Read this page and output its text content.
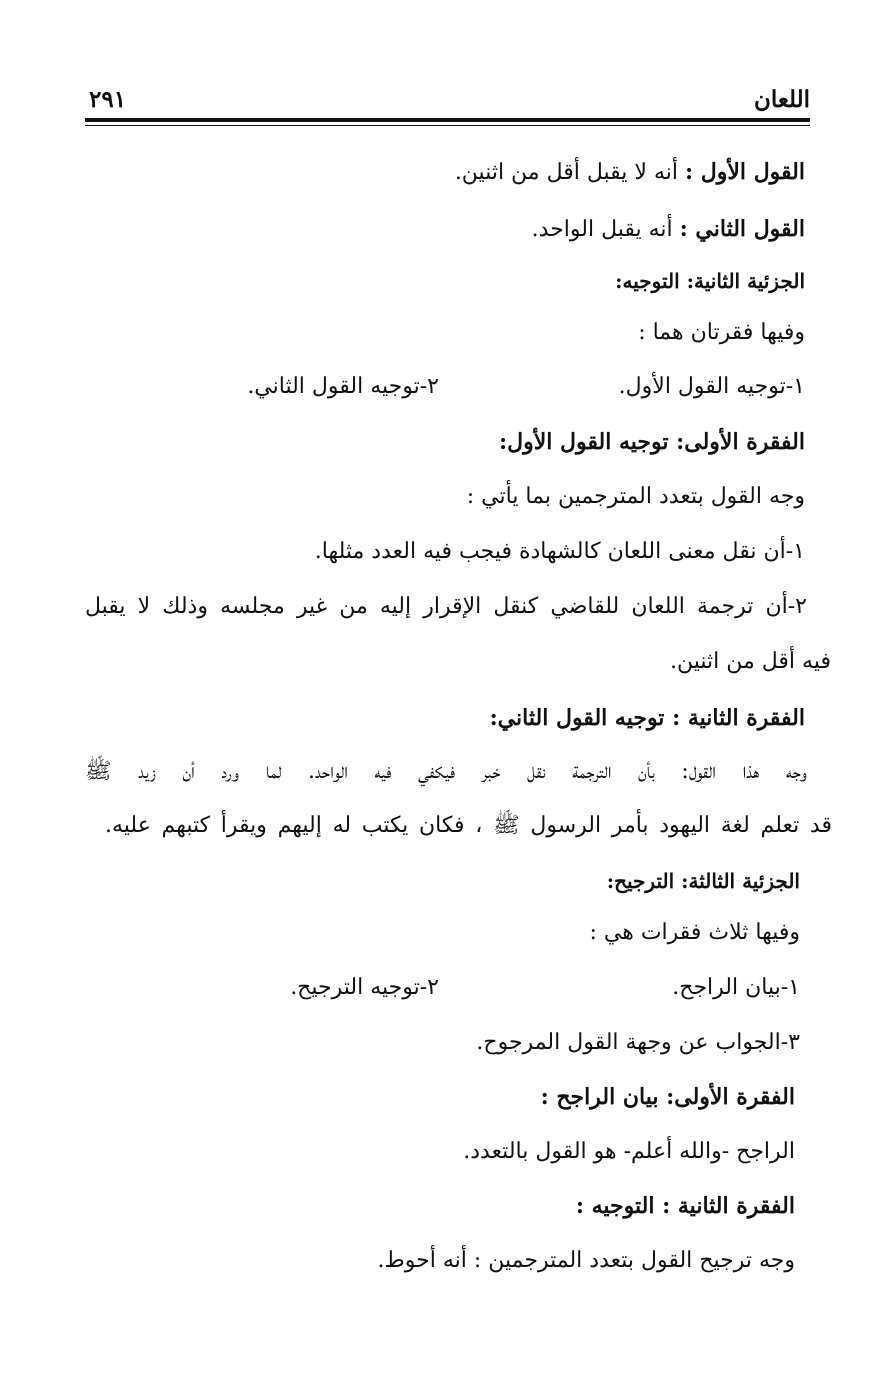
اللعان
٢٩١
القول الأول : أنه لا يقبل أقل من اثنين.
القول الثاني : أنه يقبل الواحد.
الجزئية الثانية: التوجيه:
وفيها فقرتان هما :
١-توجيه القول الأول.
٢-توجيه القول الثاني.
الفقرة الأولى: توجيه القول الأول:
وجه القول بتعدد المترجمين بما يأتي :
١-أن نقل معنى اللعان كالشهادة فيجب فيه العدد مثلها.
٢-أن ترجمة اللعان للقاضي كنقل الإقرار إليه من غير مجلسه وذلك لا يقبل
فيه أقل من اثنين.
الفقرة الثانية : توجيه القول الثاني:
وجه هذا القول: بأن الترجمة نقل خبر فيكفي فيه الواحد. لما ورد أن زيد ﷺ
قد تعلم لغة اليهود بأمر الرسول ﷺ ، فكان يكتب له إليهم ويقرأ كتبهم عليه.
الجزئية الثالثة: الترجيح:
وفيها ثلاث فقرات هي :
١-بيان الراجح.
٢-توجيه الترجيح.
٣-الجواب عن وجهة القول المرجوح.
الفقرة الأولى: بيان الراجح :
الراجح -والله أعلم- هو القول بالتعدد.
الفقرة الثانية : التوجيه :
وجه ترجيح القول بتعدد المترجمين : أنه أحوط.
